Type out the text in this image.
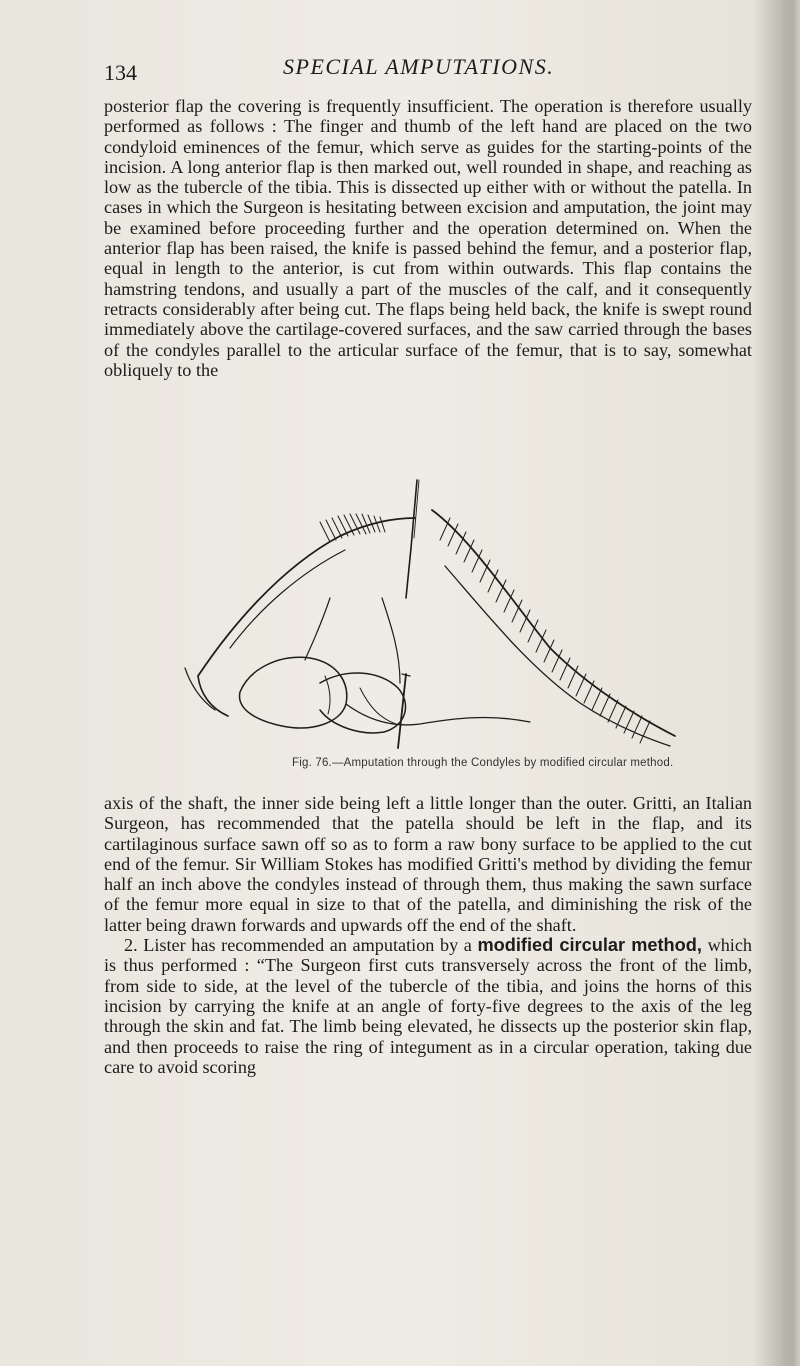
134	SPECIAL AMPUTATIONS.

posterior flap the covering is frequently insufficient. The operation is therefore usually performed as follows : The finger and thumb of the left hand are placed on the two condyloid eminences of the femur, which serve as guides for the starting-points of the incision. A long anterior flap is then marked out, well rounded in shape, and reaching as low as the tubercle of the tibia. This is dissected up either with or without the patella. In cases in which the Surgeon is hesitating between excision and amputation, the joint may be examined before proceeding further and the operation determined on. When the anterior flap has been raised, the knife is passed behind the femur, and a posterior flap, equal in length to the anterior, is cut from within outwards. This flap contains the hamstring tendons, and usually a part of the muscles of the calf, and it consequently retracts considerably after being cut. The flaps being held back, the knife is swept round immediately above the cartilage-covered surfaces, and the saw carried through the bases of the condyles parallel to the articular surface of the femur, that is to say, somewhat obliquely to the

Fig. 76.—Amputation through the Condyles by modified circular method.

axis of the shaft, the inner side being left a little longer than the outer. Gritti, an Italian Surgeon, has recommended that the patella should be left in the flap, and its cartilaginous surface sawn off so as to form a raw bony surface to be applied to the cut end of the femur. Sir William Stokes has modified Gritti's method by dividing the femur half an inch above the condyles instead of through them, thus making the sawn surface of the femur more equal in size to that of the patella, and diminishing the risk of the latter being drawn forwards and upwards off the end of the shaft.

2. Lister has recommended an amputation by a modified circular method, which is thus performed : “The Surgeon first cuts transversely across the front of the limb, from side to side, at the level of the tubercle of the tibia, and joins the horns of this incision by carrying the knife at an angle of forty-five degrees to the axis of the leg through the skin and fat. The limb being elevated, he dissects up the posterior skin flap, and then proceeds to raise the ring of integument as in a circular operation, taking due care to avoid scoring
